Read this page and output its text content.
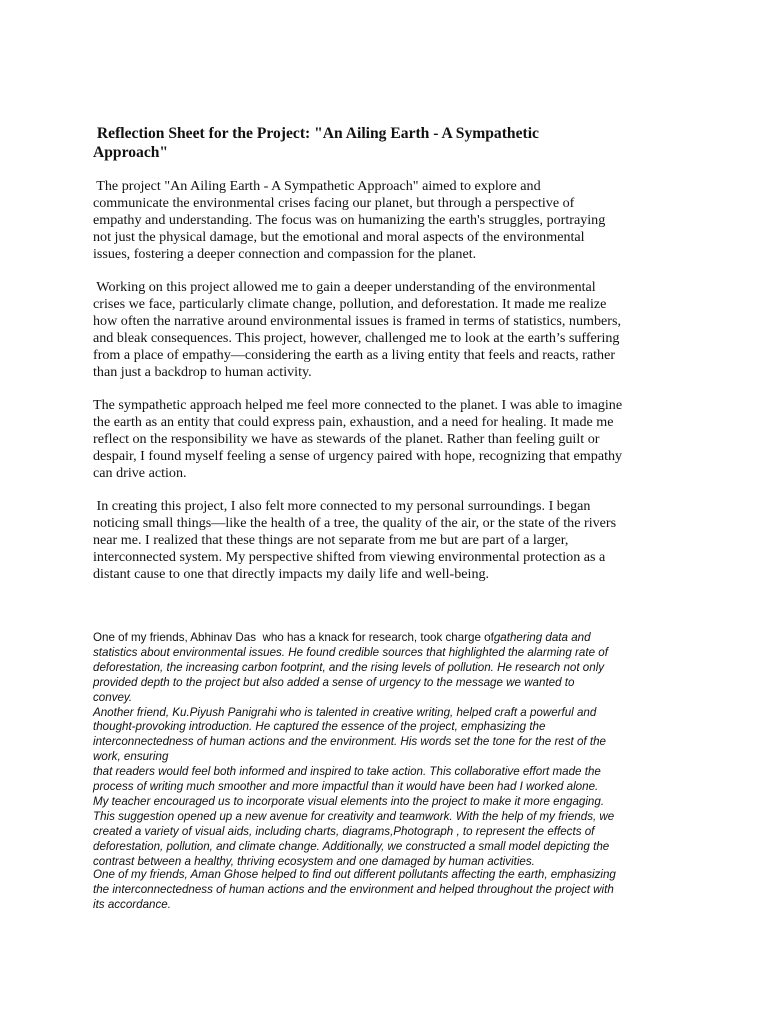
Reflection Sheet for the Project: "An Ailing Earth - A Sympathetic
Approach"
The project "An Ailing Earth - A Sympathetic Approach" aimed to explore and
communicate the environmental crises facing our planet, but through a perspective of
empathy and understanding. The focus was on humanizing the earth's struggles, portraying
not just the physical damage, but the emotional and moral aspects of the environmental
issues, fostering a deeper connection and compassion for the planet.
Working on this project allowed me to gain a deeper understanding of the environmental
crises we face, particularly climate change, pollution, and deforestation. It made me realize
how often the narrative around environmental issues is framed in terms of statistics, numbers,
and bleak consequences. This project, however, challenged me to look at the earth’s suffering
from a place of empathy—considering the earth as a living entity that feels and reacts, rather
than just a backdrop to human activity.
The sympathetic approach helped me feel more connected to the planet. I was able to imagine
the earth as an entity that could express pain, exhaustion, and a need for healing. It made me
reflect on the responsibility we have as stewards of the planet. Rather than feeling guilt or
despair, I found myself feeling a sense of urgency paired with hope, recognizing that empathy
can drive action.
In creating this project, I also felt more connected to my personal surroundings. I began
noticing small things—like the health of a tree, the quality of the air, or the state of the rivers
near me. I realized that these things are not separate from me but are part of a larger,
interconnected system. My perspective shifted from viewing environmental protection as a
distant cause to one that directly impacts my daily life and well-being.
One of my friends, Abhinav Das  who has a knack for research, took charge ofgathering data and
statistics about environmental issues. He found credible sources that highlighted the alarming rate of
deforestation, the increasing carbon footprint, and the rising levels of pollution. He research not only
provided depth to the project but also added a sense of urgency to the message we wanted to
convey.
Another friend, Ku.Piyush Panigrahi who is talented in creative writing, helped craft a powerful and
thought-provoking introduction. He captured the essence of the project, emphasizing the
interconnectedness of human actions and the environment. His words set the tone for the rest of the
work, ensuring
that readers would feel both informed and inspired to take action. This collaborative effort made the
process of writing much smoother and more impactful than it would have been had I worked alone.
My teacher encouraged us to incorporate visual elements into the project to make it more engaging.
This suggestion opened up a new avenue for creativity and teamwork. With the help of my friends, we
created a variety of visual aids, including charts, diagrams,Photograph , to represent the effects of
deforestation, pollution, and climate change. Additionally, we constructed a small model depicting the
contrast between a healthy, thriving ecosystem and one damaged by human activities.
One of my friends, Aman Ghose helped to find out different pollutants affecting the earth, emphasizing
the interconnectedness of human actions and the environment and helped throughout the project with
its accordance.
